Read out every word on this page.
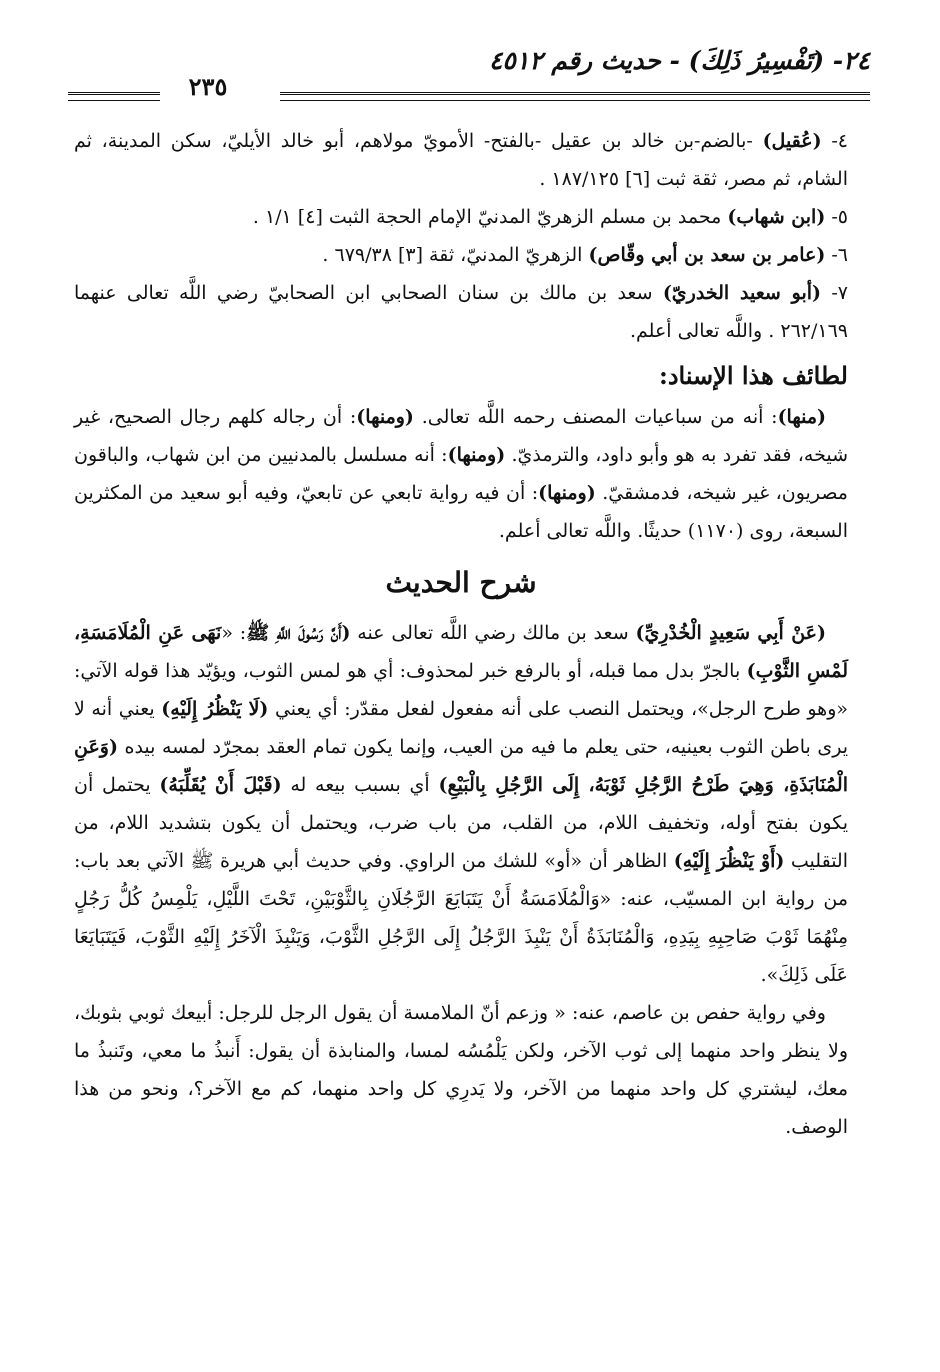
٢٤- (تَفْسِيرُ ذَلِكَ) - حديث رقم ٤٥١٢
٢٣٥

٤- (عُقيل) -بالضم-بن خالد بن عقيل -بالفتح- الأمويّ مولاهم، أبو خالد الأيليّ، سكن المدينة، ثم الشام، ثم مصر، ثقة ثبت [٦] ١٨٧/١٢٥ .

٥- (ابن شهاب) محمد بن مسلم الزهريّ المدنيّ الإمام الحجة الثبت [٤] ١/١ .

٦- (عامر بن سعد بن أبي وقّاص) الزهريّ المدنيّ، ثقة [٣] ٦٧٩/٣٨ .

٧- (أبو سعيد الخدريّ) سعد بن مالك بن سنان الصحابي ابن الصحابيّ رضي اللَّه تعالى عنهما ٢٦٢/١٦٩ . واللَّه تعالى أعلم.

لطائف هذا الإسناد:

(منها): أنه من سباعيات المصنف رحمه اللَّه تعالى. (ومنها): أن رجاله كلهم رجال الصحيح، غير شيخه، فقد تفرد به هو وأبو داود، والترمذيّ. (ومنها): أنه مسلسل بالمدنيين من ابن شهاب، والباقون مصريون، غير شيخه، فدمشقيّ. (ومنها): أن فيه رواية تابعي عن تابعيّ، وفيه أبو سعيد من المكثرين السبعة، روى (١١٧٠) حديثًا. واللَّه تعالى أعلم.

شرح الحديث

(عَنْ أَبِي سَعِيدٍ الْخُدْرِيِّ) سعد بن مالك رضي اللَّه تعالى عنه (أَنَّ رَسُولَ اللَّهِ ﷺ: «نَهَى عَنِ الْمُلَامَسَةِ، لَمْسِ الثَّوْبِ) بالجرّ بدل مما قبله، أو بالرفع خبر لمحذوف: أي هو لمس الثوب، ويؤيّد هذا قوله الآتي: «وهو طرح الرجل»، ويحتمل النصب على أنه مفعول لفعل مقدّر: أي يعني (لَا يَنْظُرُ إِلَيْهِ) يعني أنه لا يرى باطن الثوب بعينيه، حتى يعلم ما فيه من العيب، وإنما يكون تمام العقد بمجرّد لمسه بيده (وَعَنِ الْمُنَابَذَةِ، وَهِيَ طَرْحُ الرَّجُلِ ثَوْبَهُ، إِلَى الرَّجُلِ بِالْبَيْعِ) أي بسبب بيعه له (قَبْلَ أَنْ يُقَلِّبَهُ) يحتمل أن يكون بفتح أوله، وتخفيف اللام، من القلب، من باب ضرب، ويحتمل أن يكون بتشديد اللام، من التقليب (أَوْ يَنْظُرَ إِلَيْهِ) الظاهر أن «أو» للشك من الراوي. وفي حديث أبي هريرة ﷺ الآتي بعد باب: من رواية ابن المسيّب، عنه: «وَالْمُلَامَسَةُ أَنْ يَتَبَايَعَ الرَّجُلَانِ بِالثَّوْبَيْنِ، تَحْتَ اللَّيْلِ، يَلْمِسُ كُلُّ رَجُلٍ مِنْهُمَا ثَوْبَ صَاحِبِهِ بِيَدِهِ، وَالْمُنَابَذَةُ أَنْ يَنْبِذَ الرَّجُلُ إِلَى الرَّجُلِ الثَّوْبَ، وَيَنْبِذَ الْآخَرُ إِلَيْهِ الثَّوْبَ، فَيَتَبَايَعَا عَلَى ذَلِكَ».

وفي رواية حفص بن عاصم، عنه: « وزعم أنّ الملامسة أن يقول الرجل للرجل: أبيعك ثوبي بثوبك، ولا ينظر واحد منهما إلى ثوب الآخر، ولكن يَلْمُسُه لمسا، والمنابذة أن يقول: أَنبذُ ما معي، وتَنبذُ ما معك، ليشتري كل واحد منهما من الآخر، ولا يَدرِي كل واحد منهما، كم مع الآخر؟، ونحو من هذا الوصف.
